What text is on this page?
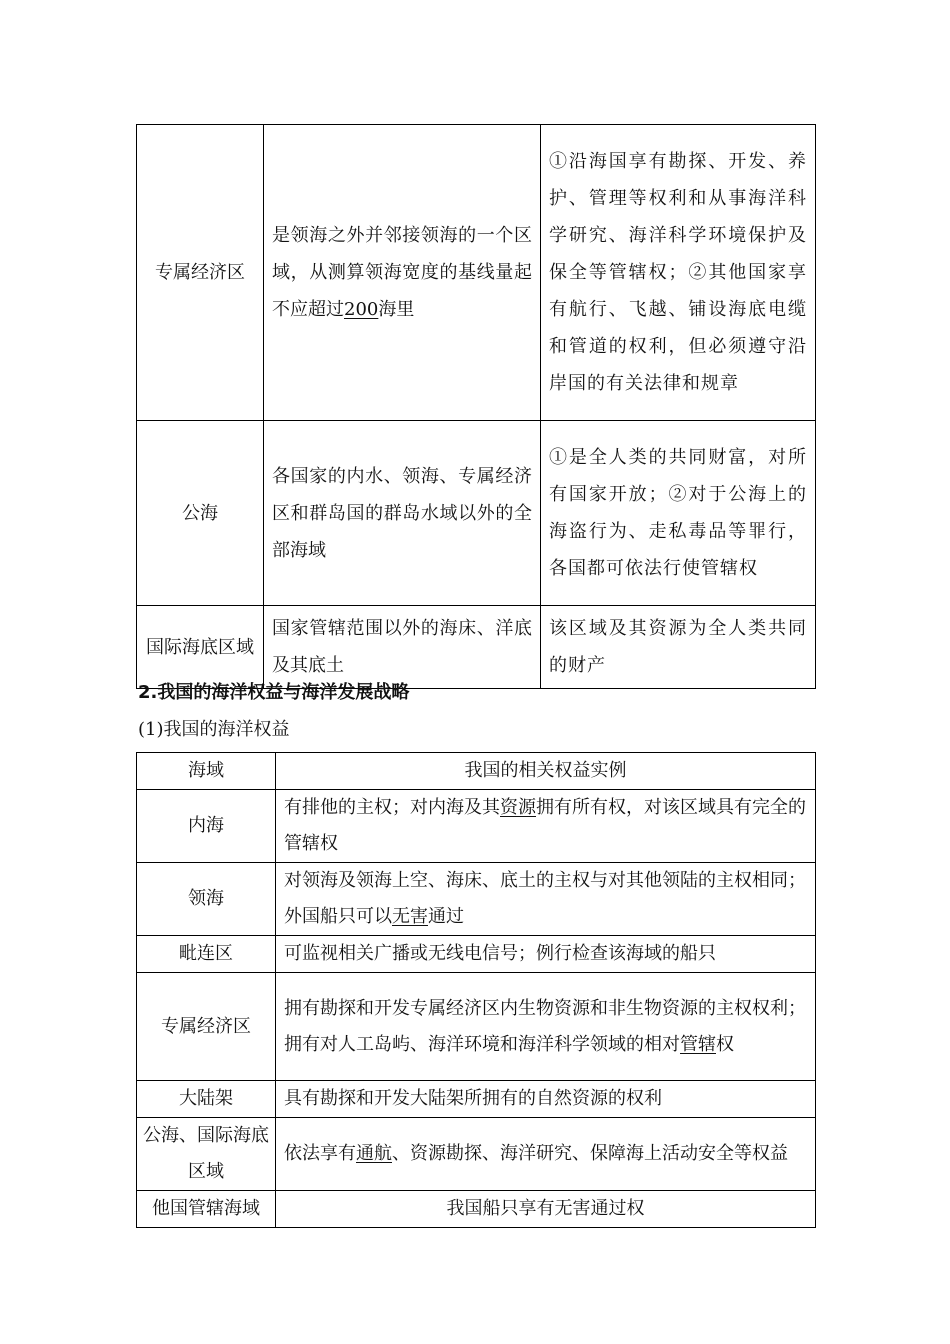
专属经济区	是领海之外并邻接领海的一个区域，从测算领海宽度的基线量起不应超过200海里	①沿海国享有勘探、开发、养护、管理等权利和从事海洋科学研究、海洋科学环境保护及保全等管辖权；②其他国家享有航行、飞越、铺设海底电缆和管道的权利，但必须遵守沿岸国的有关法律和规章
公海	各国家的内水、领海、专属经济区和群岛国的群岛水域以外的全部海域	①是全人类的共同财富，对所有国家开放；②对于公海上的海盗行为、走私毒品等罪行，各国都可依法行使管辖权
国际海底区域	国家管辖范围以外的海床、洋底及其底土	该区域及其资源为全人类共同的财产
2.我国的海洋权益与海洋发展战略
(1)我国的海洋权益
海域	我国的相关权益实例
内海	有排他的主权；对内海及其资源拥有所有权，对该区域具有完全的管辖权
领海	对领海及领海上空、海床、底土的主权与对其他领陆的主权相同；外国船只可以无害通过
毗连区	可监视相关广播或无线电信号；例行检查该海域的船只
专属经济区	拥有勘探和开发专属经济区内生物资源和非生物资源的主权权利；拥有对人工岛屿、海洋环境和海洋科学领域的相对管辖权
大陆架	具有勘探和开发大陆架所拥有的自然资源的权利
公海、国际海底区域	依法享有通航、资源勘探、海洋研究、保障海上活动安全等权益
他国管辖海域	我国船只享有无害通过权
